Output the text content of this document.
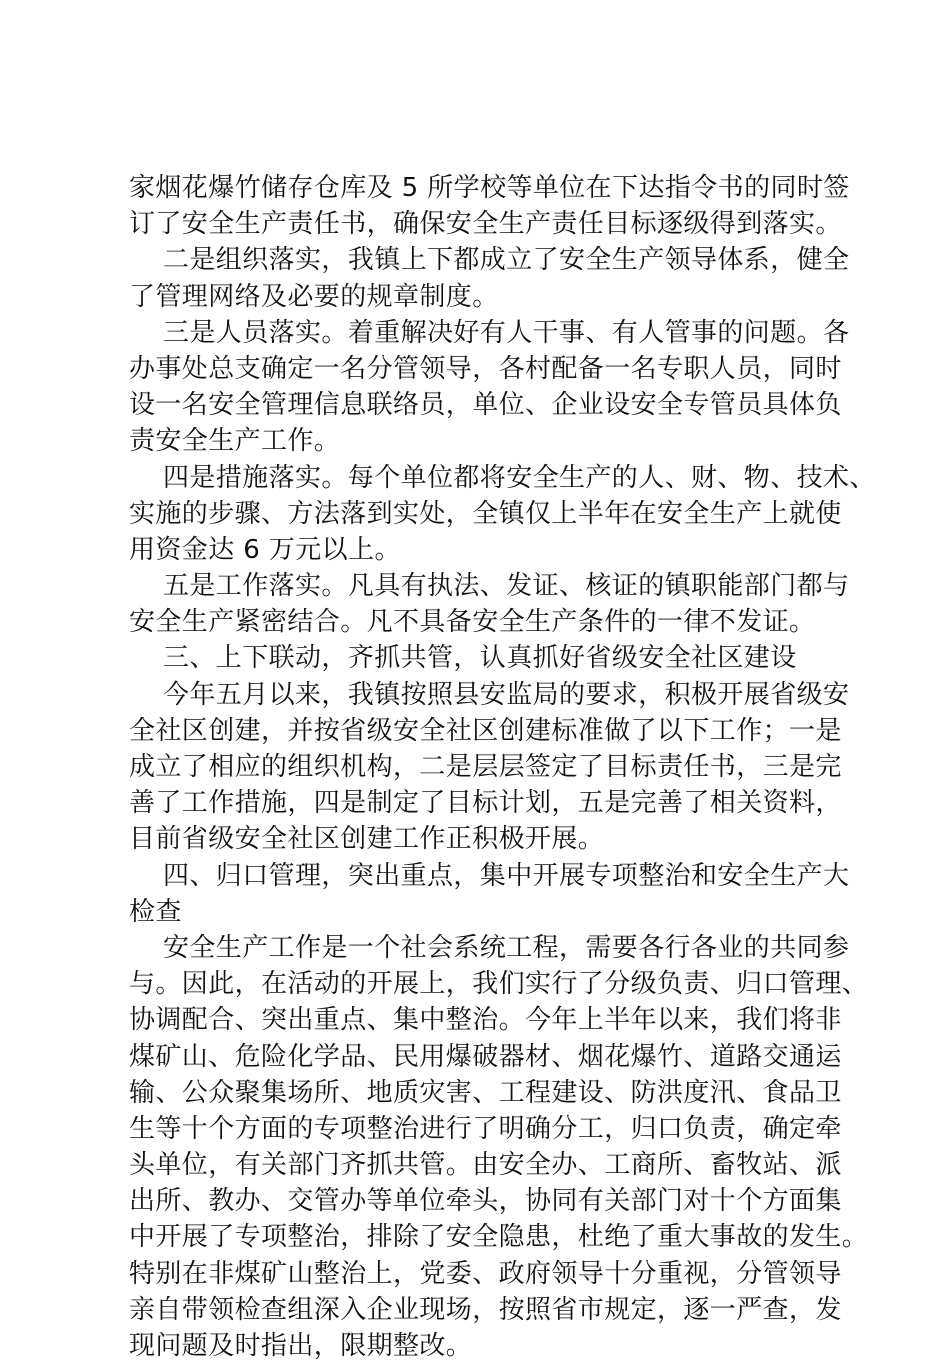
家烟花爆竹储存仓库及 5 所学校等单位在下达指令书的同时签
订了安全生产责任书，确保安全生产责任目标逐级得到落实。
二是组织落实，我镇上下都成立了安全生产领导体系，健全
了管理网络及必要的规章制度。
三是人员落实。着重解决好有人干事、有人管事的问题。各
办事处总支确定一名分管领导，各村配备一名专职人员，同时
设一名安全管理信息联络员，单位、企业设安全专管员具体负
责安全生产工作。
四是措施落实。每个单位都将安全生产的人、财、物、技术、
实施的步骤、方法落到实处，全镇仅上半年在安全生产上就使
用资金达 6 万元以上。
五是工作落实。凡具有执法、发证、核证的镇职能部门都与
安全生产紧密结合。凡不具备安全生产条件的一律不发证。
三、上下联动，齐抓共管，认真抓好省级安全社区建设
今年五月以来，我镇按照县安监局的要求，积极开展省级安
全社区创建，并按省级安全社区创建标准做了以下工作；一是
成立了相应的组织机构，二是层层签定了目标责任书，三是完
善了工作措施，四是制定了目标计划，五是完善了相关资料，
目前省级安全社区创建工作正积极开展。
四、归口管理，突出重点，集中开展专项整治和安全生产大
检查
安全生产工作是一个社会系统工程，需要各行各业的共同参
与。因此，在活动的开展上，我们实行了分级负责、归口管理、
协调配合、突出重点、集中整治。今年上半年以来，我们将非
煤矿山、危险化学品、民用爆破器材、烟花爆竹、道路交通运
输、公众聚集场所、地质灾害、工程建设、防洪度汛、食品卫
生等十个方面的专项整治进行了明确分工，归口负责，确定牵
头单位，有关部门齐抓共管。由安全办、工商所、畜牧站、派
出所、教办、交管办等单位牵头，协同有关部门对十个方面集
中开展了专项整治，排除了安全隐患，杜绝了重大事故的发生。
特别在非煤矿山整治上，党委、政府领导十分重视，分管领导
亲自带领检查组深入企业现场，按照省市规定，逐一严查，发
现问题及时指出，限期整改。
